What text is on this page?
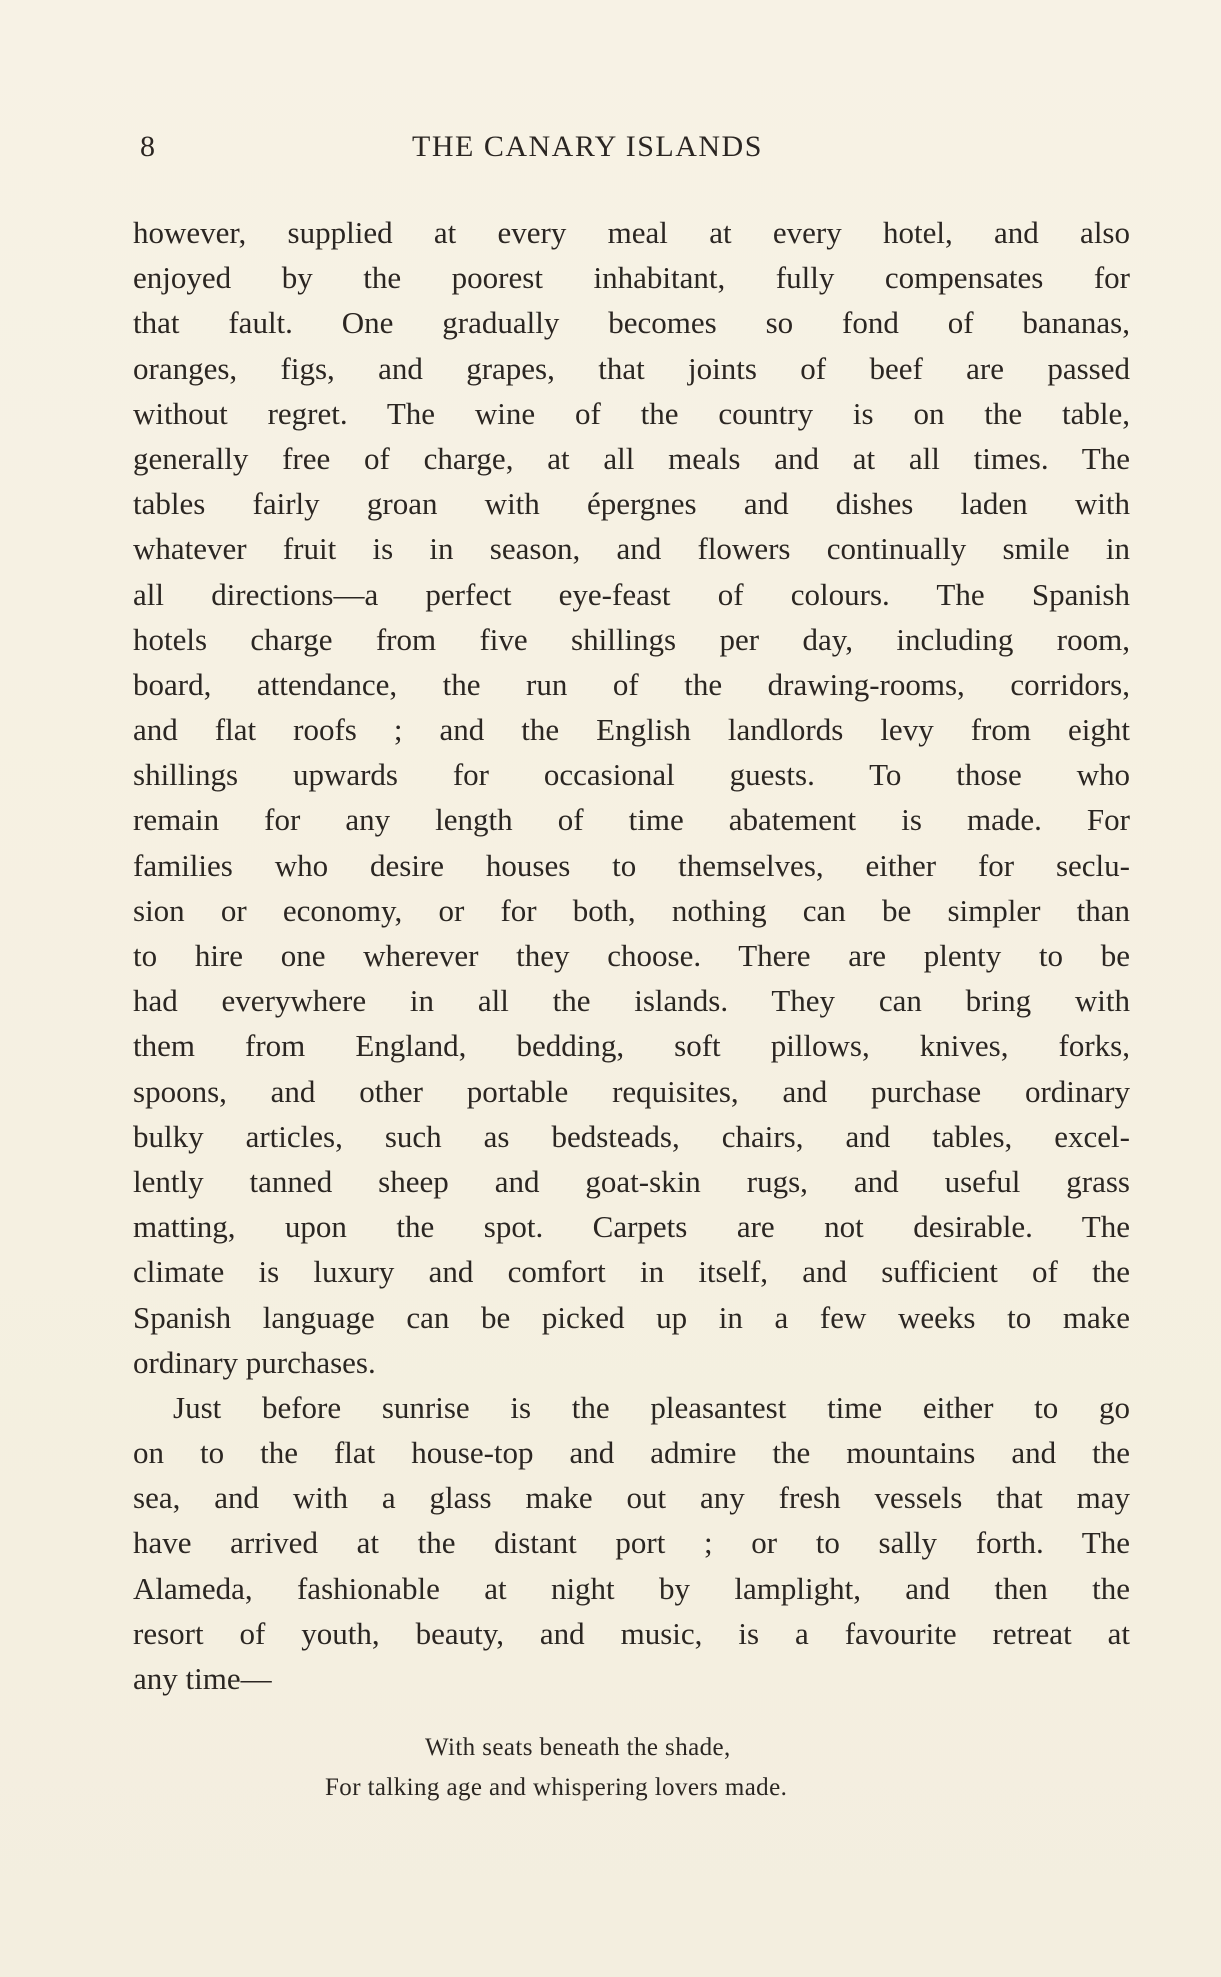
8	THE CANARY ISLANDS
however, supplied at every meal at every hotel, and also
enjoyed by the poorest inhabitant, fully compensates for
that fault. One gradually becomes so fond of bananas,
oranges, figs, and grapes, that joints of beef are passed
without regret. The wine of the country is on the table,
generally free of charge, at all meals and at all times. The
tables fairly groan with épergnes and dishes laden with
whatever fruit is in season, and flowers continually smile in
all directions—a perfect eye-feast of colours. The Spanish
hotels charge from five shillings per day, including room,
board, attendance, the run of the drawing-rooms, corridors,
and flat roofs ; and the English landlords levy from eight
shillings upwards for occasional guests. To those who
remain for any length of time abatement is made. For
families who desire houses to themselves, either for seclu-
sion or economy, or for both, nothing can be simpler than
to hire one wherever they choose. There are plenty to be
had everywhere in all the islands. They can bring with
them from England, bedding, soft pillows, knives, forks,
spoons, and other portable requisites, and purchase ordinary
bulky articles, such as bedsteads, chairs, and tables, excel-
lently tanned sheep and goat-skin rugs, and useful grass
matting, upon the spot. Carpets are not desirable. The
climate is luxury and comfort in itself, and sufficient of the
Spanish language can be picked up in a few weeks to make
ordinary purchases.
Just before sunrise is the pleasantest time either to go
on to the flat house-top and admire the mountains and the
sea, and with a glass make out any fresh vessels that may
have arrived at the distant port ; or to sally forth. The
Alameda, fashionable at night by lamplight, and then the
resort of youth, beauty, and music, is a favourite retreat at
any time—
With seats beneath the shade,
For talking age and whispering lovers made.
